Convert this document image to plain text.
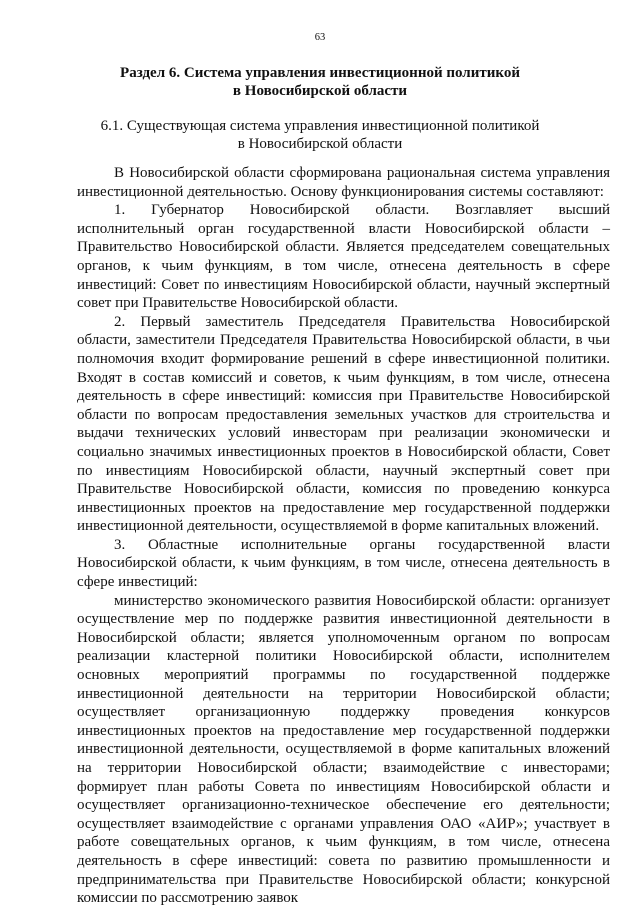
63
Раздел 6. Система управления инвестиционной политикой
в Новосибирской области
6.1. Существующая система управления инвестиционной политикой
в Новосибирской области

В Новосибирской области сформирована рациональная система управления инвестиционной деятельностью. Основу функционирования системы составляют:

1. Губернатор Новосибирской области. Возглавляет высший исполнительный орган государственной власти Новосибирской области – Правительство Новосибирской области. Является председателем совещательных органов, к чьим функциям, в том числе, отнесена деятельность в сфере инвестиций: Совет по инвестициям Новосибирской области, научный экспертный совет при Правительстве Новосибирской области.

2. Первый заместитель Председателя Правительства Новосибирской области, заместители Председателя Правительства Новосибирской области, в чьи полномочия входит формирование решений в сфере инвестиционной политики. Входят в состав комиссий и советов, к чьим функциям, в том числе, отнесена деятельность в сфере инвестиций: комиссия при Правительстве Новосибирской области по вопросам предоставления земельных участков для строительства и выдачи технических условий инвесторам при реализации экономически и социально значимых инвестиционных проектов в Новосибирской области, Совет по инвестициям Новосибирской области, научный экспертный совет при Правительстве Новосибирской области, комиссия по проведению конкурса инвестиционных проектов на предоставление мер государственной поддержки инвестиционной деятельности, осуществляемой в форме капитальных вложений.

3. Областные исполнительные органы государственной власти Новосибирской области, к чьим функциям, в том числе, отнесена деятельность в сфере инвестиций:

министерство экономического развития Новосибирской области: организует осуществление мер по поддержке развития инвестиционной деятельности в Новосибирской области; является уполномоченным органом по вопросам реализации кластерной политики Новосибирской области, исполнителем основных мероприятий программы по государственной поддержке инвестиционной деятельности на территории Новосибирской области; осуществляет организационную поддержку проведения конкурсов инвестиционных проектов на предоставление мер государственной поддержки инвестиционной деятельности, осуществляемой в форме капитальных вложений на территории Новосибирской области; взаимодействие с инвесторами; формирует план работы Совета по инвестициям Новосибирской области и осуществляет организационно-техническое обеспечение его деятельности; осуществляет взаимодействие с органами управления ОАО «АИР»; участвует в работе совещательных органов, к чьим функциям, в том числе, отнесена деятельность в сфере инвестиций: совета по развитию промышленности и предпринимательства при Правительстве Новосибирской области; конкурсной комиссии по рассмотрению заявок
